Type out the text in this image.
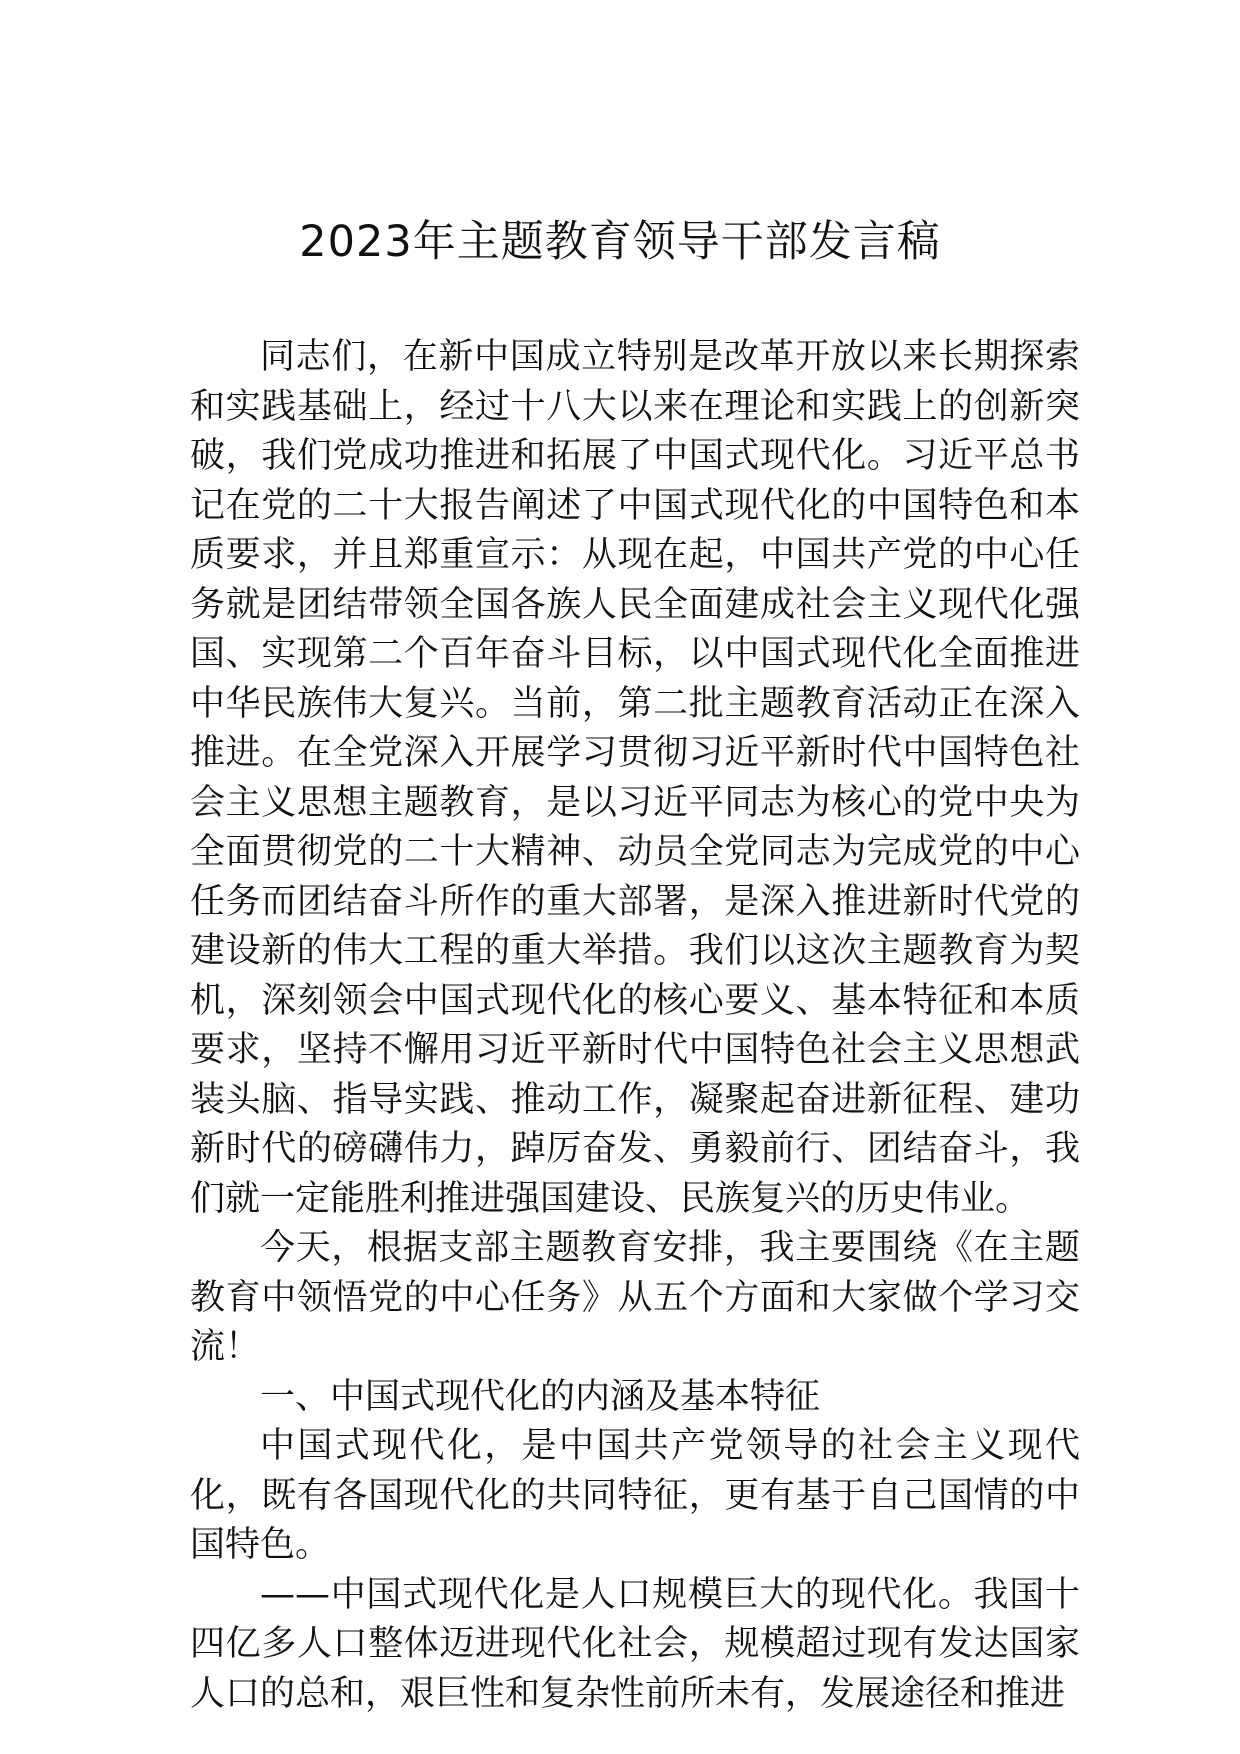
2023年主题教育领导干部发言稿

同志们，在新中国成立特别是改革开放以来长期探索和实践基础上，经过十八大以来在理论和实践上的创新突破，我们党成功推进和拓展了中国式现代化。习近平总书记在党的二十大报告阐述了中国式现代化的中国特色和本质要求，并且郑重宣示：从现在起，中国共产党的中心任务就是团结带领全国各族人民全面建成社会主义现代化强国、实现第二个百年奋斗目标，以中国式现代化全面推进中华民族伟大复兴。当前，第二批主题教育活动正在深入推进。在全党深入开展学习贯彻习近平新时代中国特色社会主义思想主题教育，是以习近平同志为核心的党中央为全面贯彻党的二十大精神、动员全党同志为完成党的中心任务而团结奋斗所作的重大部署，是深入推进新时代党的建设新的伟大工程的重大举措。我们以这次主题教育为契机，深刻领会中国式现代化的核心要义、基本特征和本质要求，坚持不懈用习近平新时代中国特色社会主义思想武装头脑、指导实践、推动工作，凝聚起奋进新征程、建功新时代的磅礴伟力，踔厉奋发、勇毅前行、团结奋斗，我们就一定能胜利推进强国建设、民族复兴的历史伟业。

今天，根据支部主题教育安排，我主要围绕《在主题教育中领悟党的中心任务》从五个方面和大家做个学习交流！

一、中国式现代化的内涵及基本特征

中国式现代化，是中国共产党领导的社会主义现代化，既有各国现代化的共同特征，更有基于自己国情的中国特色。

——中国式现代化是人口规模巨大的现代化。我国十四亿多人口整体迈进现代化社会，规模超过现有发达国家人口的总和，艰巨性和复杂性前所未有，发展途径和推进
